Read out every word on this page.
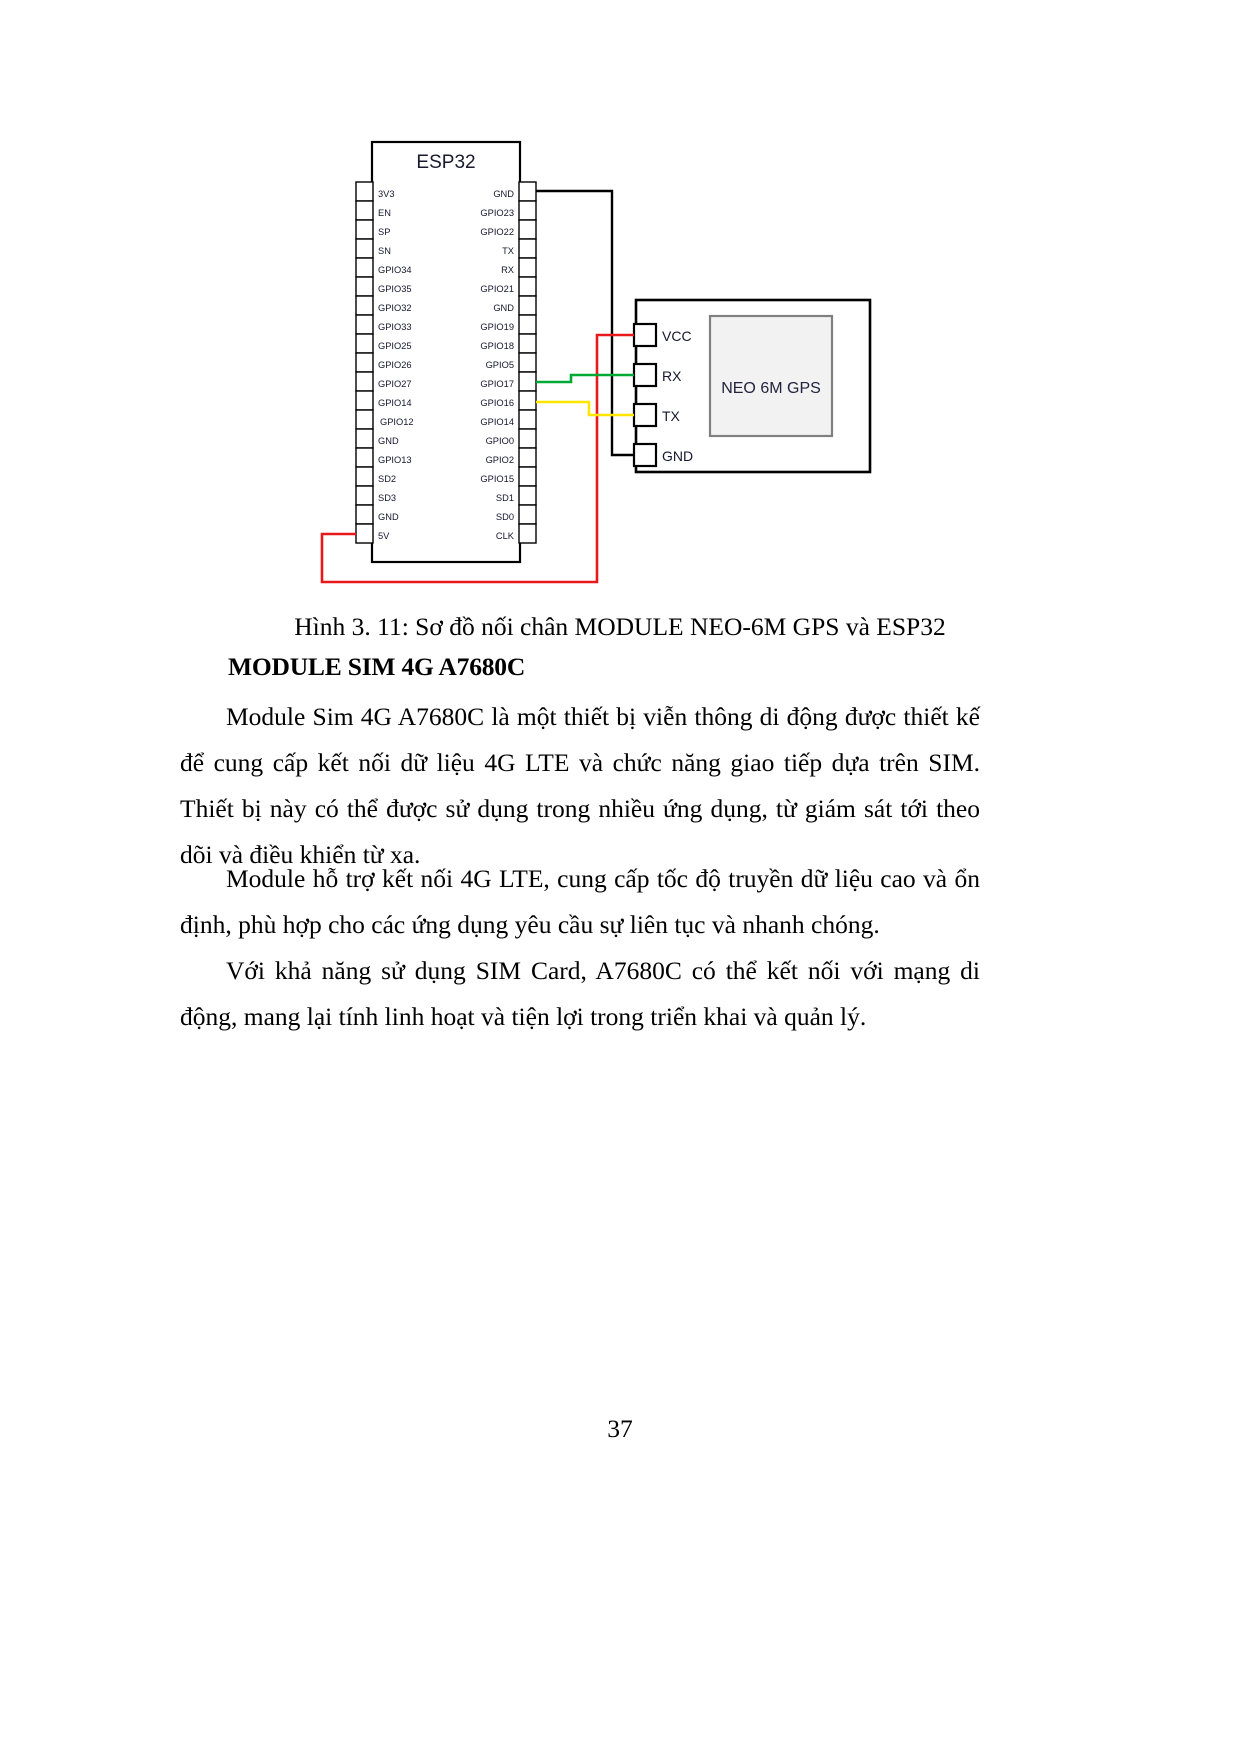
ESP32
3V3
EN
SP
SN
GPIO34
GPIO35
GPIO32
GPIO33
GPIO25
GPIO26
GPIO27
GPIO14
GPIO12
GND
GPIO13
SD2
SD3
GND
5V
GND
GPIO23
GPIO22
TX
RX
GPIO21
GND
GPIO19
GPIO18
GPIO5
GPIO17
GPIO16
GPIO14
GPIO0
GPIO2
GPIO15
SD1
SD0
CLK
NEO 6M GPS
VCC
RX
TX
GND
Hình 3. 11: Sơ đồ nối chân MODULE NEO-6M GPS và ESP32
MODULE SIM 4G A7680C
Module Sim 4G A7680C là một thiết bị viễn thông di động được thiết kế để cung cấp kết nối dữ liệu 4G LTE và chức năng giao tiếp dựa trên SIM. Thiết bị này có thể được sử dụng trong nhiều ứng dụng, từ giám sát tới theo dõi và điều khiển từ xa.
Module hỗ trợ kết nối 4G LTE, cung cấp tốc độ truyền dữ liệu cao và ổn định, phù hợp cho các ứng dụng yêu cầu sự liên tục và nhanh chóng.
Với khả năng sử dụng SIM Card, A7680C có thể kết nối với mạng di động, mang lại tính linh hoạt và tiện lợi trong triển khai và quản lý.
37
